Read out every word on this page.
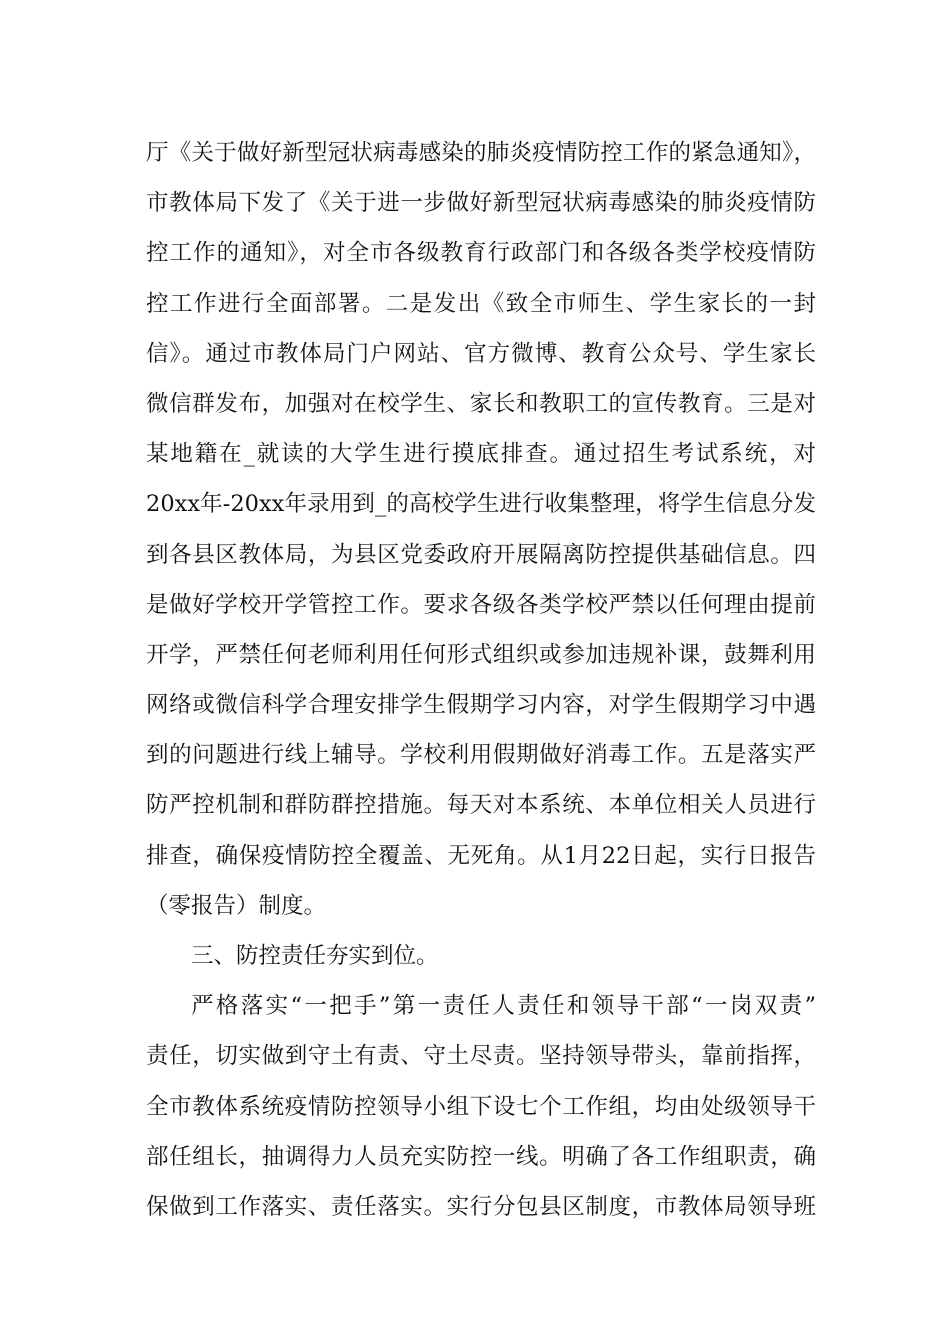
厅《关于做好新型冠状病毒感染的肺炎疫情防控工作的紧急通知》，
市教体局下发了《关于进一步做好新型冠状病毒感染的肺炎疫情防
控工作的通知》，对全市各级教育行政部门和各级各类学校疫情防
控工作进行全面部署。二是发出《致全市师生、学生家长的一封
信》。通过市教体局门户网站、官方微博、教育公众号、学生家长
微信群发布，加强对在校学生、家长和教职工的宣传教育。三是对
某地籍在_就读的大学生进行摸底排查。通过招生考试系统，对
20xx年-20xx年录用到_的高校学生进行收集整理，将学生信息分发
到各县区教体局，为县区党委政府开展隔离防控提供基础信息。四
是做好学校开学管控工作。要求各级各类学校严禁以任何理由提前
开学，严禁任何老师利用任何形式组织或参加违规补课，鼓舞利用
网络或微信科学合理安排学生假期学习内容，对学生假期学习中遇
到的问题进行线上辅导。学校利用假期做好消毒工作。五是落实严
防严控机制和群防群控措施。每天对本系统、本单位相关人员进行
排查，确保疫情防控全覆盖、无死角。从1月22日起，实行日报告
（零报告）制度。
三、防控责任夯实到位。
严格落实“一把手”第一责任人责任和领导干部“一岗双责”
责任，切实做到守土有责、守土尽责。坚持领导带头，靠前指挥，
全市教体系统疫情防控领导小组下设七个工作组，均由处级领导干
部任组长，抽调得力人员充实防控一线。明确了各工作组职责，确
保做到工作落实、责任落实。实行分包县区制度，市教体局领导班
